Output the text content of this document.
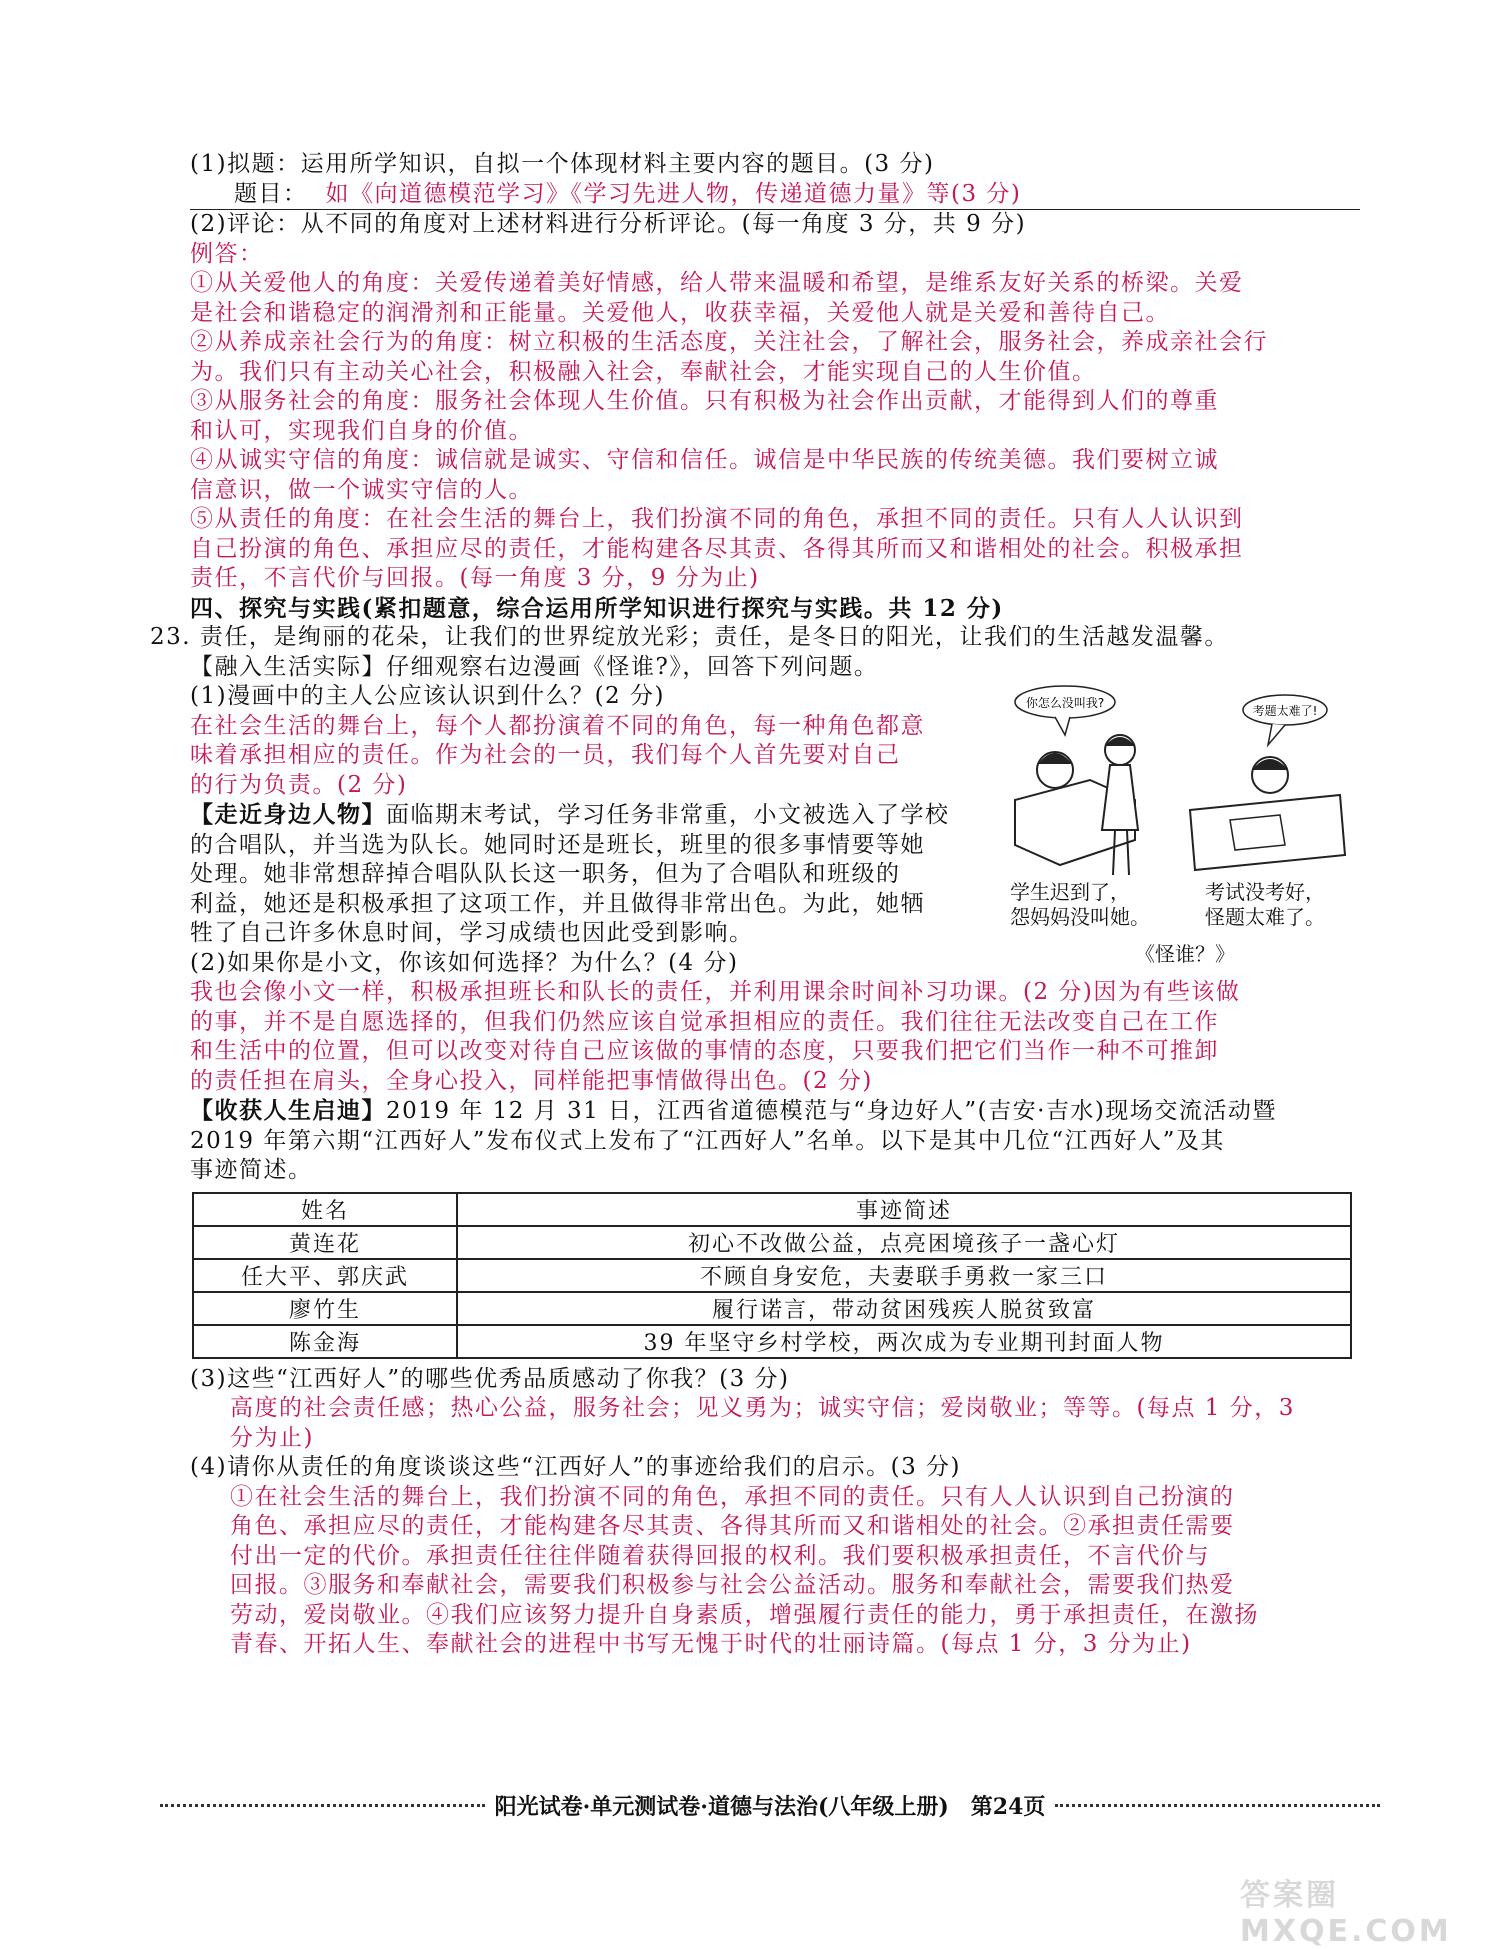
(1)拟题：运用所学知识，自拟一个体现材料主要内容的题目。(3 分)

题目： 如《向道德模范学习》《学习先进人物，传递道德力量》等(3 分)

(2)评论：从不同的角度对上述材料进行分析评论。(每一角度 3 分，共 9 分)

例答：

①从关爱他人的角度：关爱传递着美好情感，给人带来温暖和希望，是维系友好关系的桥梁。关爱

是社会和谐稳定的润滑剂和正能量。关爱他人，收获幸福，关爱他人就是关爱和善待自己。

②从养成亲社会行为的角度：树立积极的生活态度，关注社会，了解社会，服务社会，养成亲社会行

为。我们只有主动关心社会，积极融入社会，奉献社会，才能实现自己的人生价值。

③从服务社会的角度：服务社会体现人生价值。只有积极为社会作出贡献，才能得到人们的尊重

和认可，实现我们自身的价值。

④从诚实守信的角度：诚信就是诚实、守信和信任。诚信是中华民族的传统美德。我们要树立诚

信意识，做一个诚实守信的人。

⑤从责任的角度：在社会生活的舞台上，我们扮演不同的角色，承担不同的责任。只有人人认识到

自己扮演的角色、承担应尽的责任，才能构建各尽其责、各得其所而又和谐相处的社会。积极承担

责任，不言代价与回报。(每一角度 3 分，9 分为止)

四、探究与实践(紧扣题意，综合运用所学知识进行探究与实践。共 12 分)

23. 责任，是绚丽的花朵，让我们的世界绽放光彩；责任，是冬日的阳光，让我们的生活越发温馨。

【融入生活实际】仔细观察右边漫画《怪谁?》，回答下列问题。

(1)漫画中的主人公应该认识到什么？(2 分)

在社会生活的舞台上，每个人都扮演着不同的角色，每一种角色都意

味着承担相应的责任。作为社会的一员，我们每个人首先要对自己

的行为负责。(2 分)

【走近身边人物】面临期末考试，学习任务非常重，小文被选入了学校

的合唱队，并当选为队长。她同时还是班长，班里的很多事情要等她

处理。她非常想辞掉合唱队队长这一职务，但为了合唱队和班级的

利益，她还是积极承担了这项工作，并且做得非常出色。为此，她牺

牲了自己许多休息时间，学习成绩也因此受到影响。

(2)如果你是小文，你该如何选择？为什么？(4 分)

我也会像小文一样，积极承担班长和队长的责任，并利用课余时间补习功课。(2 分)因为有些该做

的事，并不是自愿选择的，但我们仍然应该自觉承担相应的责任。我们往往无法改变自己在工作

和生活中的位置，但可以改变对待自己应该做的事情的态度，只要我们把它们当作一种不可推卸

的责任担在肩头，全身心投入，同样能把事情做得出色。(2 分)

【收获人生启迪】2019 年 12 月 31 日，江西省道德模范与“身边好人”(吉安·吉水)现场交流活动暨

2019 年第六期“江西好人”发布仪式上发布了“江西好人”名单。以下是其中几位“江西好人”及其

事迹简述。

姓名	事迹简述
黄连花	初心不改做公益，点亮困境孩子一盏心灯
任大平、郭庆武	不顾自身安危，夫妻联手勇救一家三口
廖竹生	履行诺言，带动贫困残疾人脱贫致富
陈金海	39 年坚守乡村学校，两次成为专业期刊封面人物

(3)这些“江西好人”的哪些优秀品质感动了你我？(3 分)

高度的社会责任感；热心公益，服务社会；见义勇为；诚实守信；爱岗敬业；等等。(每点 1 分，3

分为止)

(4)请你从责任的角度谈谈这些“江西好人”的事迹给我们的启示。(3 分)

①在社会生活的舞台上，我们扮演不同的角色，承担不同的责任。只有人人认识到自己扮演的

角色、承担应尽的责任，才能构建各尽其责、各得其所而又和谐相处的社会。②承担责任需要

付出一定的代价。承担责任往往伴随着获得回报的权利。我们要积极承担责任，不言代价与

回报。③服务和奉献社会，需要我们积极参与社会公益活动。服务和奉献社会，需要我们热爱

劳动，爱岗敬业。④我们应该努力提升自身素质，增强履行责任的能力，勇于承担责任，在激扬

青春、开拓人生、奉献社会的进程中书写无愧于时代的壮丽诗篇。(每点 1 分，3 分为止)

你怎么没叫我?
考题太难了!
学生迟到了，
怨妈妈没叫她。
考试没考好，
怪题太难了。
《怪谁？》
阳光试卷·单元测试卷·道德与法治(八年级上册)　第24页
答案圈 MXQE.COM
